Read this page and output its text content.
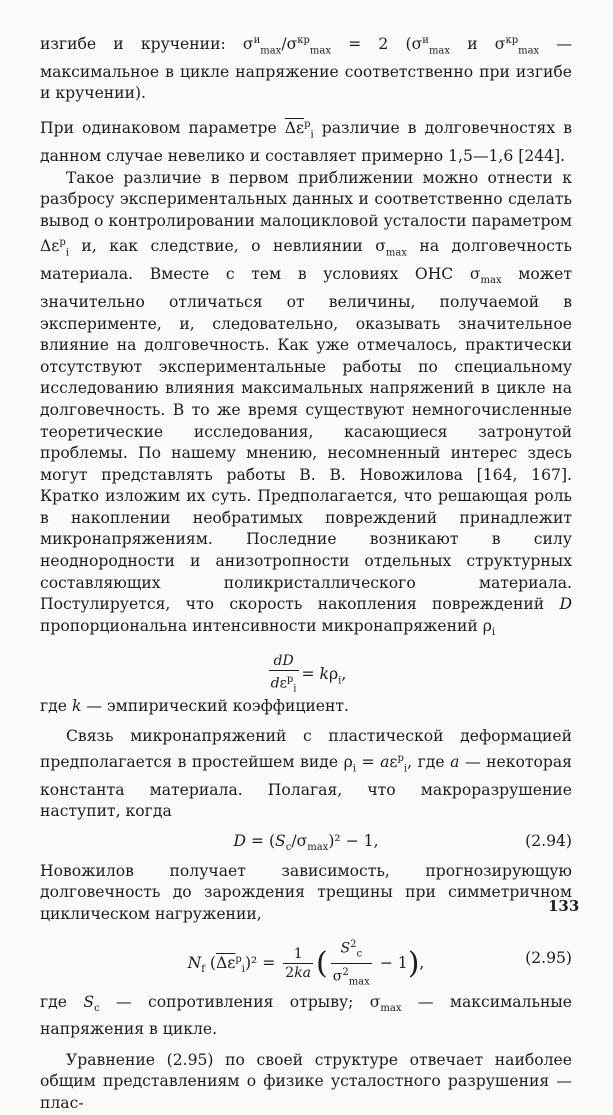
изгибе и кручении: $\sigma^и_{max}/\sigma^{кр}_{max} = 2$ ($\sigma^и_{max}$ и $\sigma^{кр}_{max}$ — максимальное в цикле напряжение соответственно при изгибе и кручении).

При одинаковом параметре $\overline{\Delta\varepsilon}^p_i$ различие в долговечностях в данном случае невелико и составляет примерно 1,5—1,6 [244].

Такое различие в первом приближении можно отнести к разбросу экспериментальных данных и соответственно сделать вывод о контролировании малоцикловой усталости параметром $\Delta\varepsilon^p_i$ и, как следствие, о невлиянии $\sigma_{max}$ на долговечность материала. Вместе с тем в условиях ОНС $\sigma_{max}$ может значительно отличаться от величины, получаемой в эксперименте, и, следовательно, оказывать значительное влияние на долговечность. Как уже отмечалось, практически отсутствуют экспериментальные работы по специальному исследованию влияния максимальных напряжений в цикле на долговечность. В то же время существуют немногочисленные теоретические исследования, касающиеся затронутой проблемы. По нашему мнению, несомненный интерес здесь могут представлять работы В. В. Новожилова [164, 167]. Кратко изложим их суть. Предполагается, что решающая роль в накоплении необратимых повреждений принадлежит микронапряжениям. Последние возникают в силу неоднородности и анизотропности отдельных структурных составляющих поликристаллического материала. Постулируется, что скорость накопления повреждений D пропорциональна интенсивности микронапряжений $\rho_i$

$\frac{dD}{d\varepsilon^p_i} = k\rho_i$,

где k — эмпирический коэффициент.

Связь микронапряжений с пластической деформацией предполагается в простейшем виде $\rho_i = a\varepsilon^p_i$, где a — некоторая константа материала. Полагая, что макроразрушение наступит, когда

$D = (S_c/\sigma_{max})^2 - 1$,	(2.94)

Новожилов получает зависимость, прогнозирующую долговечность до зарождения трещины при симметричном циклическом нагружении,

$N_f$ $(\overline{\Delta\varepsilon}^p_i)^2 = \frac{1}{2ka}$ ( $\frac{S^2_c}{\sigma^2_{max}} - 1$),	(2.95)

где $S_c$ — сопротивления отрыву; $\sigma_{max}$ — максимальные напряжения в цикле.

Уравнение (2.95) по своей структуре отвечает наиболее общим представлениям о физике усталостного разрушения — плас-

133
